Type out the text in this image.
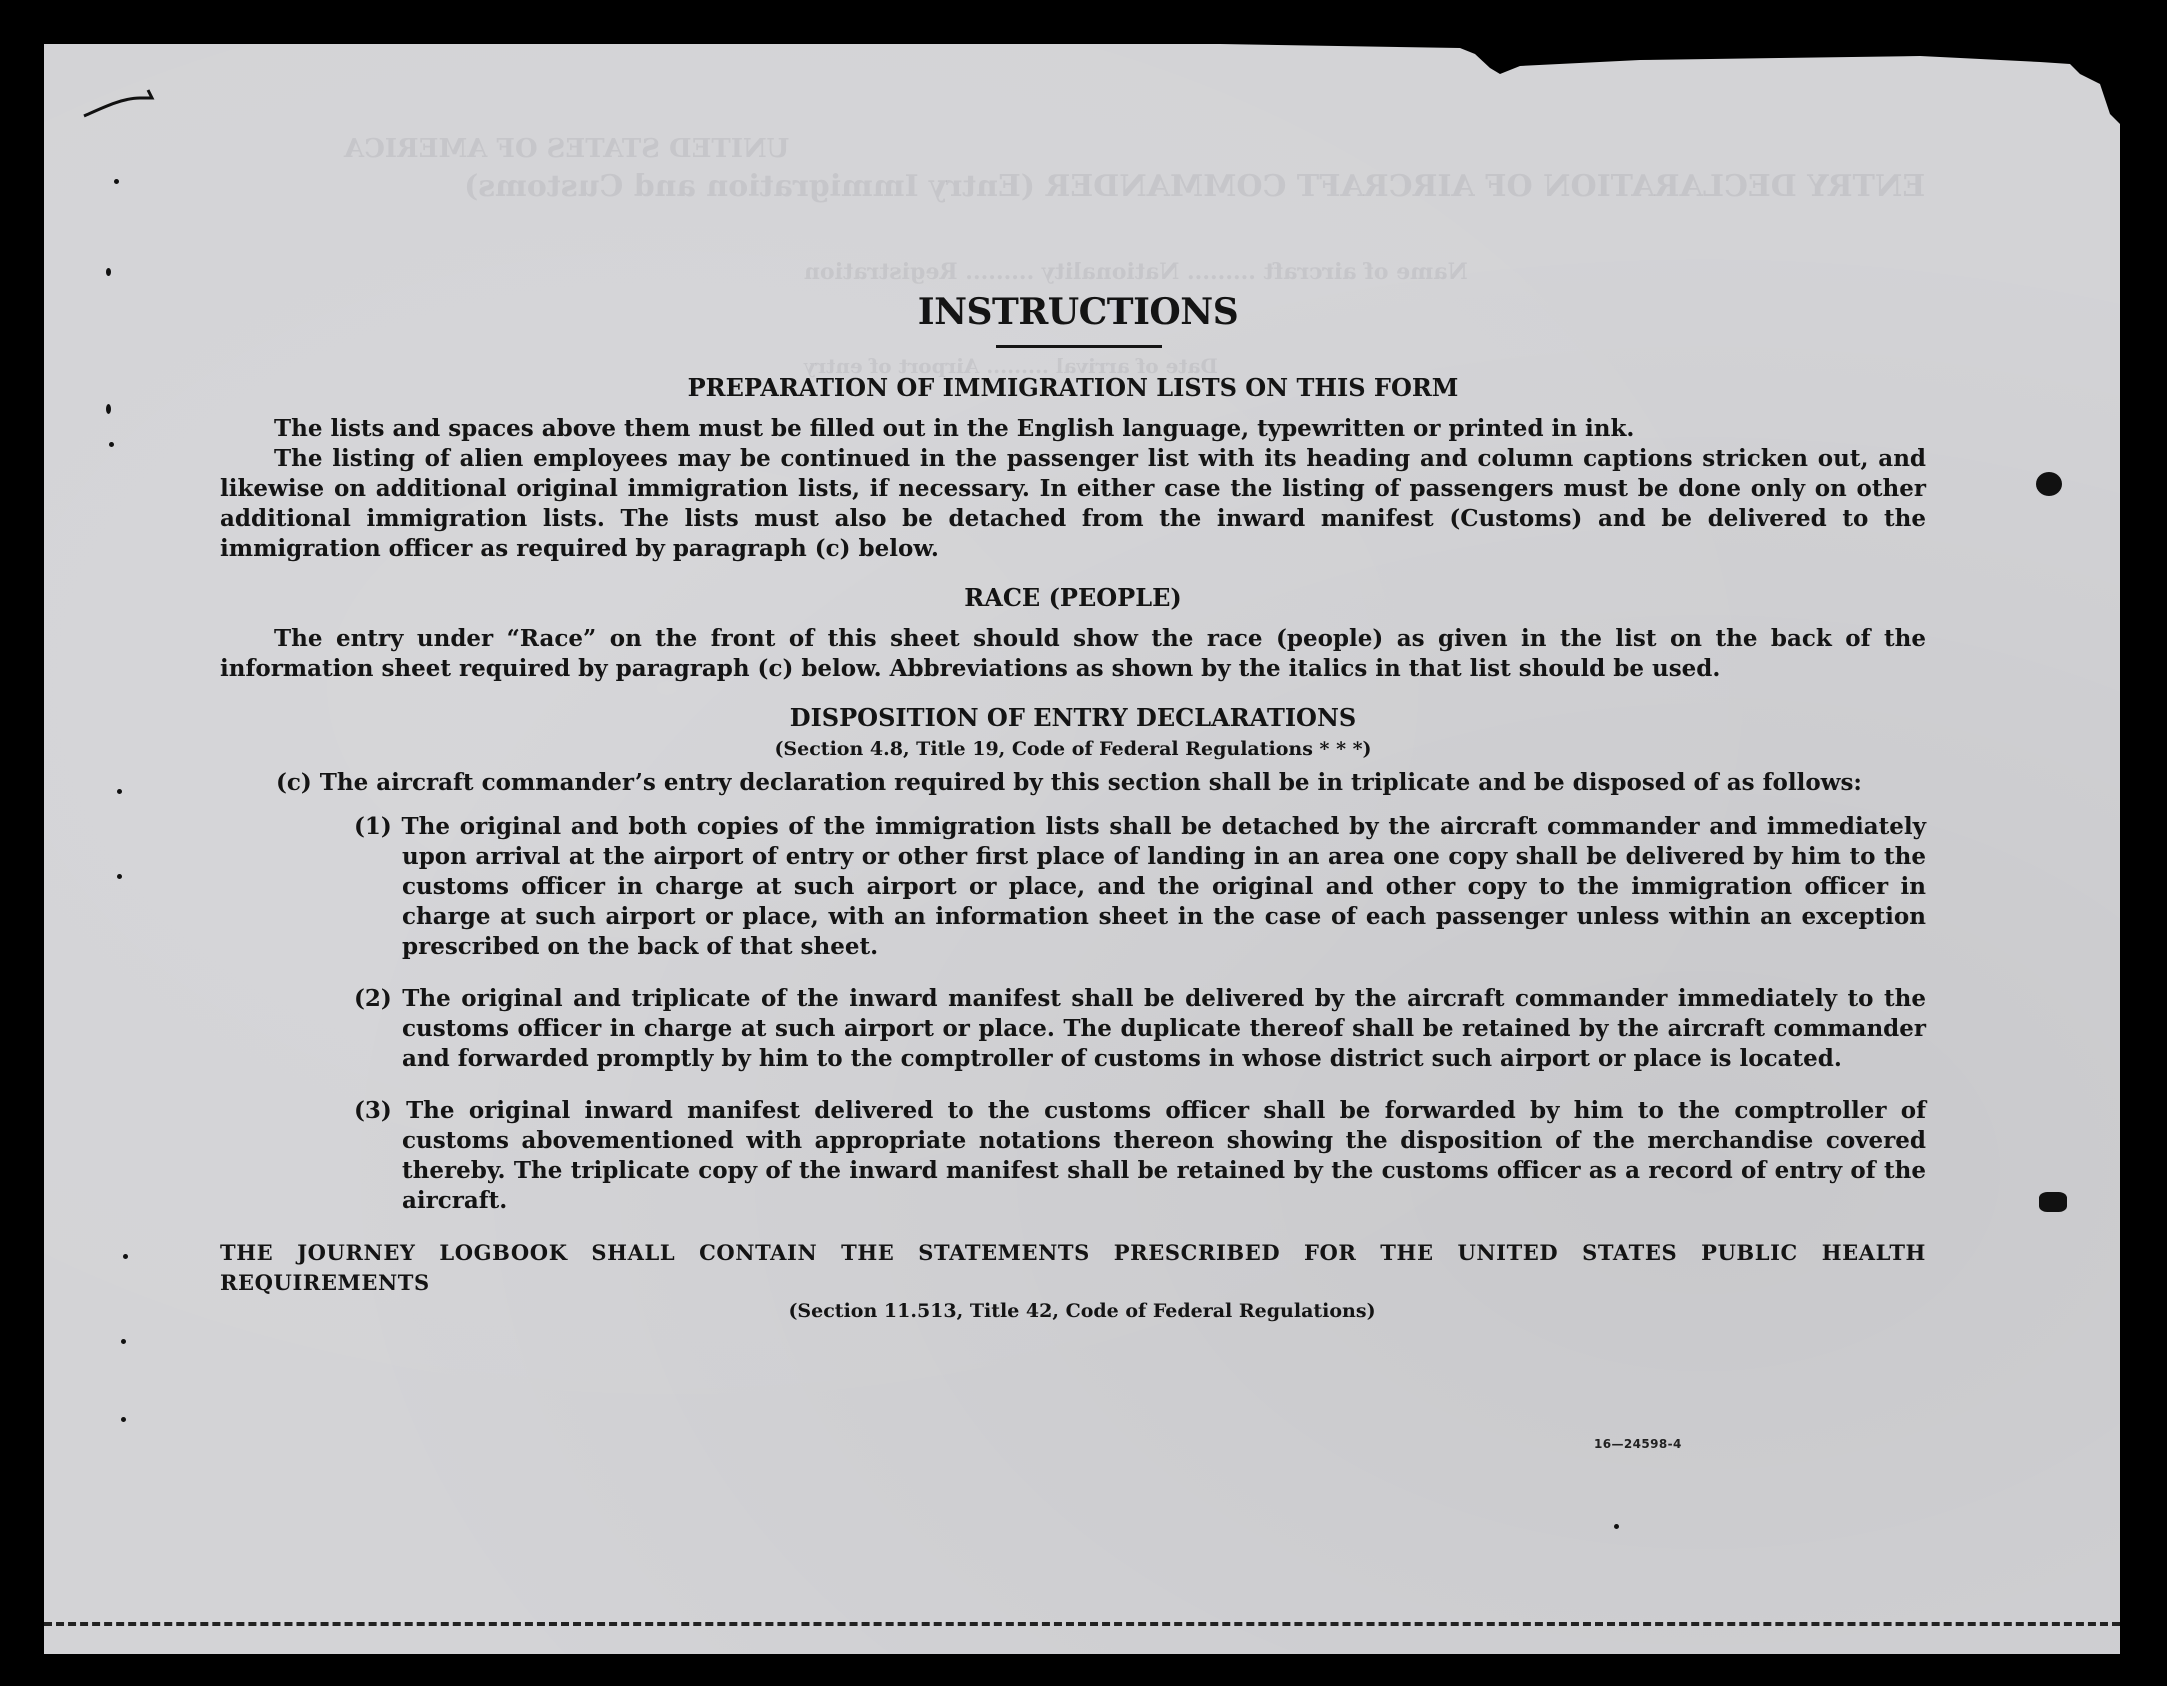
UNITED STATES OF AMERICA
ENTRY DECLARATION OF AIRCRAFT COMMANDER (Entry Immigration and Customs)
Name of aircraft ......... Nationality ......... Registration
Date of arrival ......... Airport of entry
INSTRUCTIONS
PREPARATION OF IMMIGRATION LISTS ON THIS FORM

The lists and spaces above them must be filled out in the English language, typewritten or printed in ink.

The listing of alien employees may be continued in the passenger list with its heading and column captions stricken out, and likewise on additional original immigration lists, if necessary. In either case the listing of passengers must be done only on other additional immigration lists. The lists must also be detached from the inward manifest (Customs) and be delivered to the immigration officer as required by paragraph (c) below.

RACE (PEOPLE)

The entry under “Race” on the front of this sheet should show the race (people) as given in the list on the back of the information sheet required by paragraph (c) below. Abbreviations as shown by the italics in that list should be used.

DISPOSITION OF ENTRY DECLARATIONS
(Section 4.8, Title 19, Code of Federal Regulations * * *)

(c) The aircraft commander’s entry declaration required by this section shall be in triplicate and be disposed of as follows:

(1) The original and both copies of the immigration lists shall be detached by the aircraft commander and immediately upon arrival at the airport of entry or other first place of landing in an area one copy shall be delivered by him to the customs officer in charge at such airport or place, and the original and other copy to the immigration officer in charge at such airport or place, with an information sheet in the case of each passenger unless within an exception prescribed on the back of that sheet.

(2) The original and triplicate of the inward manifest shall be delivered by the aircraft commander immediately to the customs officer in charge at such airport or place. The duplicate thereof shall be retained by the aircraft commander and forwarded promptly by him to the comptroller of customs in whose district such airport or place is located.

(3) The original inward manifest delivered to the customs officer shall be forwarded by him to the comptroller of customs abovementioned with appropriate notations thereon showing the disposition of the merchandise covered thereby. The triplicate copy of the inward manifest shall be retained by the customs officer as a record of entry of the aircraft.

THE JOURNEY LOGBOOK SHALL CONTAIN THE STATEMENTS PRESCRIBED FOR THE UNITED STATES PUBLIC HEALTH REQUIREMENTS
(Section 11.513, Title 42, Code of Federal Regulations)
16—24598-4
